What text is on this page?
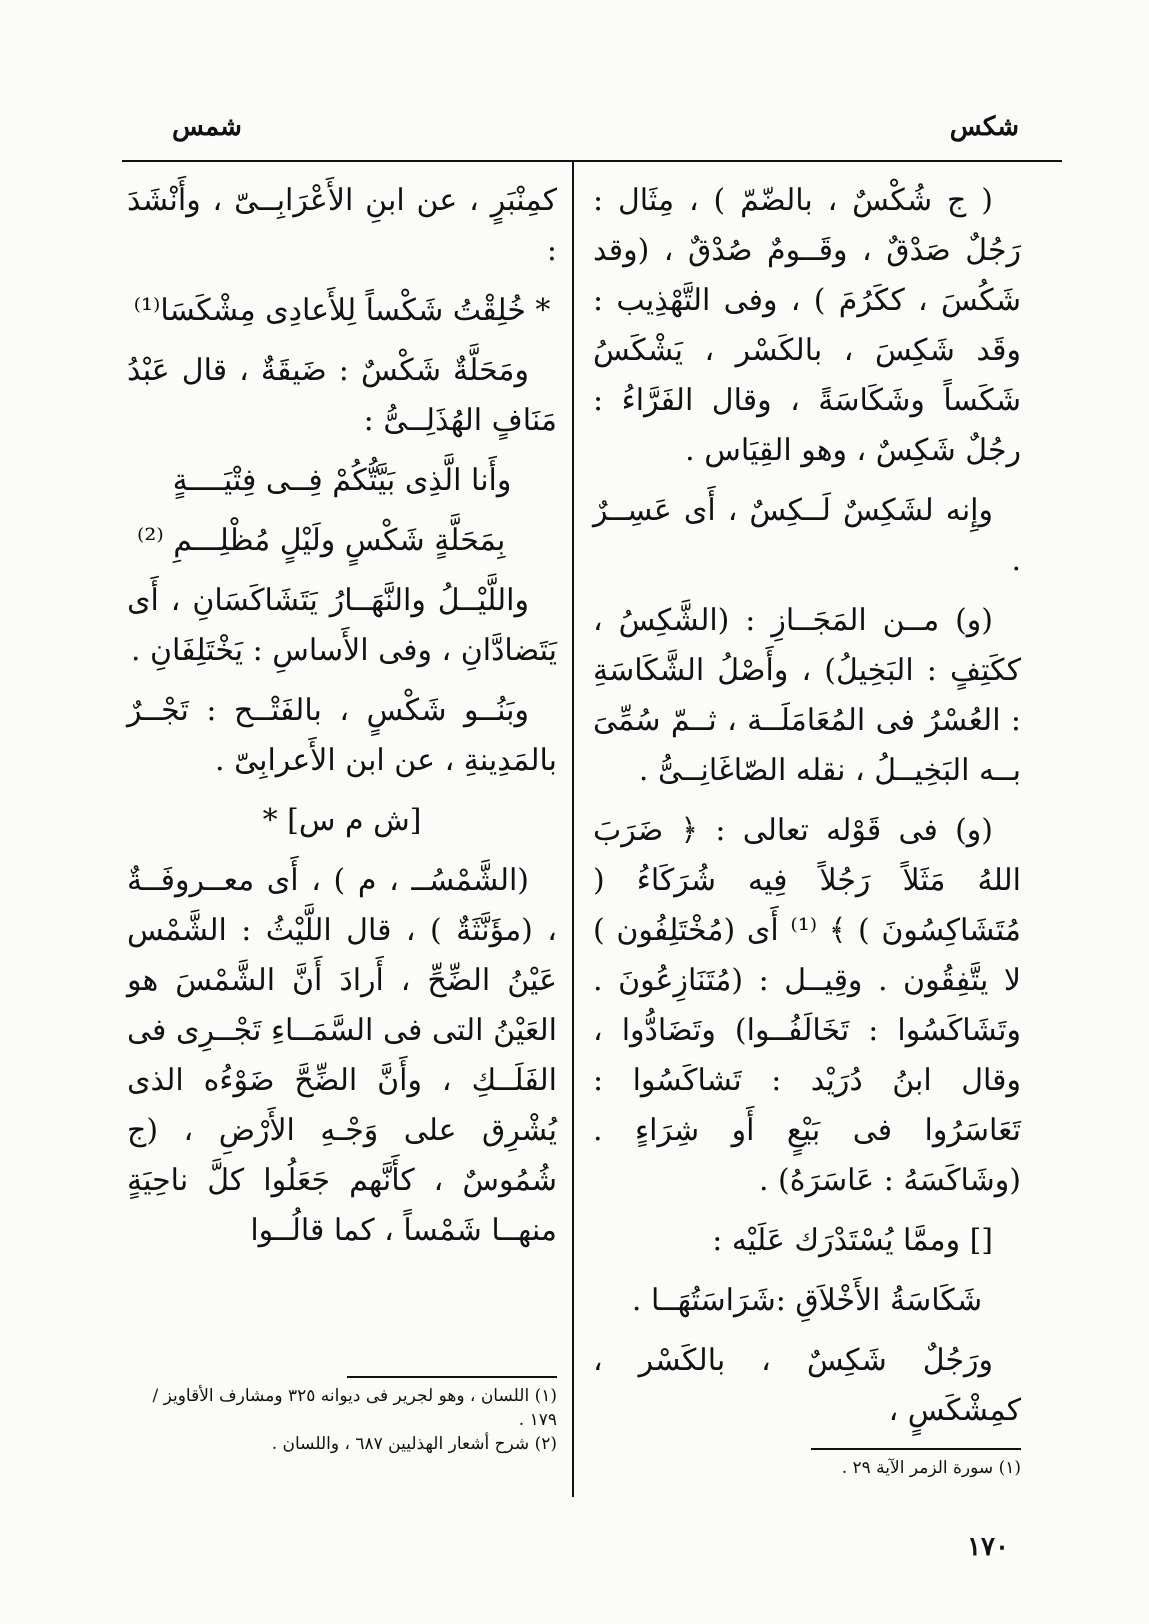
شكس
شمس

( ج شُكْسٌ ، بالضّمّ ) ، مِثَال : رَجُلٌ صَدْقٌ ، وقَــومٌ صُدْقٌ ، (وقد شَكُسَ ، ككَرُمَ ) ، وفى التَّهْذِيب : وقَد شَكِسَ ، بالكَسْر ، يَشْكَسُ شَكَساً وشَكَاسَةً ، وقال الفَرَّاءُ : رجُلٌ شَكِسٌ ، وهو القِيَاس .

وإِنه لشَكِسٌ لَــكِسٌ ، أَى عَسِــرٌ .

(و) مــن المَجَــازِ : (الشَّكِسُ ، ككَتِفٍ : البَخِيلُ) ، وأَصْلُ الشَّكَاسَةِ : العُسْرُ فى المُعَامَلَــة ، ثــمّ سُمِّىَ بــه البَخِيــلُ ، نقله الصّاغَانِــىُّ .

(و) فى قَوْله تعالى : ﴿ ضَرَبَ اللهُ مَثَلاً رَجُلاً فِيه شُرَكَاءُ ( مُتَشَاكِسُونَ ) ﴾ ⁽¹⁾ أَى (مُخْتَلِفُون ) لا يتَّفِقُون . وقِيــل : (مُتَنَازِعُونَ . وتَشَاكَسُوا : تَخَالَفُــوا) وتَضَادُّوا ، وقال ابنُ دُرَيْد : تَشاكَسُوا : تَعَاسَرُوا فى بَيْعٍ أَو شِرَاءٍ . (وشَاكَسَهُ : عَاسَرَهُ) .

[] وممَّا يُسْتَدْرَك عَلَيْه :

شَكَاسَةُ الأَخْلاَقِ :شَرَاسَتُهَــا .

ورَجُلٌ شَكِسٌ ، بالكَسْر ، كمِشْكَسٍ ،

(١) سورة الزمر الآية ٢٩ .

كمِنْبَرٍ ، عن ابنِ الأَعْرَابِــىّ ، وأَنْشَدَ :

* خُلِقْتُ شَكْساً لِلأَعادِى مِشْكَسَا⁽¹⁾

ومَحَلَّةٌ شَكْسٌ : ضَيقَةٌ ، قال عَبْدُ مَنَافٍ الهُذَلِــىُّ :

وأَنا الَّذِى بَيَّتُّكُمْ فِــى فِتْيَــــةٍ

بِمَحَلَّةٍ شَكْسٍ ولَيْلٍ مُظْلِـــمِ ⁽²⁾

واللَّيْــلُ والنَّهَــارُ يَتَشَاكَسَانِ ، أَى يَتَضادَّانِ ، وفى الأَساسِ : يَخْتَلِفَانِ .

وبَنُــو شَكْسٍ ، بالفَتْــح : تَجْــرٌ بالمَدِينةِ ، عن ابن الأَعرابِىّ .

[ش م س] *

(الشَّمْسُــ ، م ) ، أَى معــروفَــةٌ ، (مؤَنَّثَةٌ ) ، قال اللَّيْثُ : الشَّمْس عَيْنُ الضِّحِّ ، أَرادَ أَنَّ الشَّمْسَ هو العَيْنُ التى فى السَّمَــاءِ تَجْــرِى فى الفَلَــكِ ، وأَنَّ الضِّحَّ ضَوْءُه الذى يُشْرِق على وَجْـهِ الأَرْضِ ، (ج شُمُوسٌ ، كأَنَّهم جَعَلُوا كلَّ ناحِيَةٍ منهــا شَمْساً ، كما قالُــوا

(١) اللسان ، وهو لجرير فى ديوانه ٣٢٥ ومشارف الأقاويز / ١٧٩ .
(٢) شرح أشعار الهذليين ٦٨٧ ، واللسان .
١٧٠
